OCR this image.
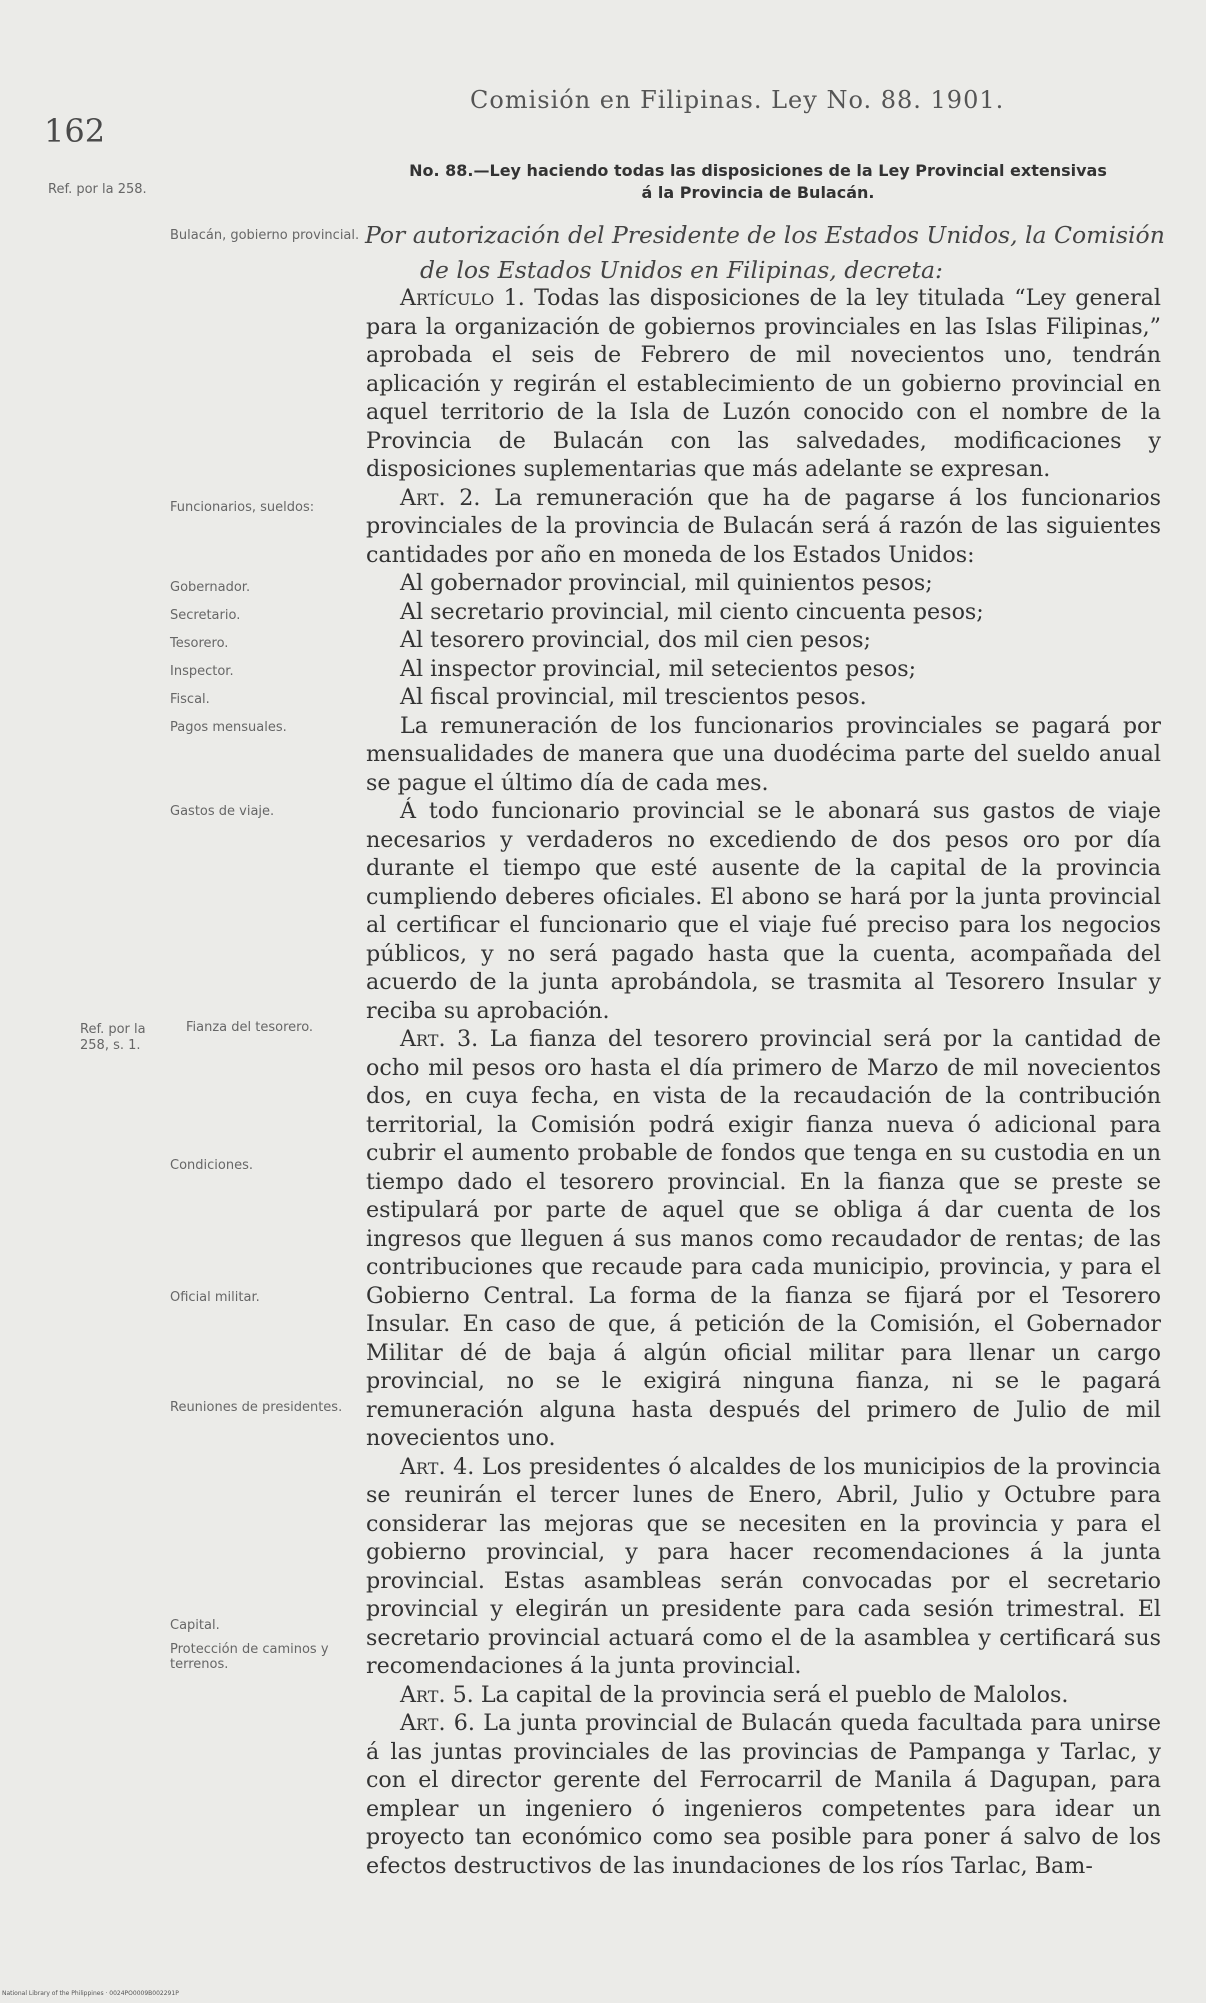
162
Comisión en Filipinas. Ley No. 88. 1901.
Ref. por la 258.
Ref. por la 258, s. 1.
No. 88.—Ley haciendo todas las disposiciones de la Ley Provincial extensivas
á la Provincia de Bulacán.
Por autorización del Presidente de los Estados Unidos, la Comisión
de los Estados Unidos en Filipinas, decreta:
Bulacán, gobierno provincial.
Funcionarios, sueldos:
Gobernador.
Secretario.
Tesorero.
Inspector.
Fiscal.
Pagos mensuales.
Gastos de viaje.
Fianza del tesorero.
Condiciones.
Oficial militar.
Reuniones de presidentes.
Capital.
Protección de caminos y terrenos.

Artículo 1. Todas las disposiciones de la ley titulada “Ley general para la organización de gobiernos provinciales en las Islas Filipinas,” aprobada el seis de Febrero de mil novecientos uno, tendrán aplicación y regirán el establecimiento de un gobierno provincial en aquel territorio de la Isla de Luzón conocido con el nombre de la Provincia de Bulacán con las salvedades, modificaciones y disposiciones suplementarias que más adelante se expresan.

Art. 2. La remuneración que ha de pagarse á los funcionarios provinciales de la provincia de Bulacán será á razón de las siguientes cantidades por año en moneda de los Estados Unidos:

Al gobernador provincial, mil quinientos pesos;

Al secretario provincial, mil ciento cincuenta pesos;

Al tesorero provincial, dos mil cien pesos;

Al inspector provincial, mil setecientos pesos;

Al fiscal provincial, mil trescientos pesos.

La remuneración de los funcionarios provinciales se pagará por mensualidades de manera que una duodécima parte del sueldo anual se pague el último día de cada mes.

Á todo funcionario provincial se le abonará sus gastos de viaje necesarios y verdaderos no excediendo de dos pesos oro por día durante el tiempo que esté ausente de la capital de la provincia cumpliendo deberes oficiales. El abono se hará por la junta provincial al certificar el funcionario que el viaje fué preciso para los negocios públicos, y no será pagado hasta que la cuenta, acompañada del acuerdo de la junta aprobándola, se trasmita al Tesorero Insular y reciba su aprobación.

Art. 3. La fianza del tesorero provincial será por la cantidad de ocho mil pesos oro hasta el día primero de Marzo de mil novecientos dos, en cuya fecha, en vista de la recaudación de la contribución territorial, la Comisión podrá exigir fianza nueva ó adicional para cubrir el aumento probable de fondos que tenga en su custodia en un tiempo dado el tesorero provincial. En la fianza que se preste se estipulará por parte de aquel que se obliga á dar cuenta de los ingresos que lleguen á sus manos como recaudador de rentas; de las contribuciones que recaude para cada municipio, provincia, y para el Gobierno Central. La forma de la fianza se fijará por el Tesorero Insular. En caso de que, á petición de la Comisión, el Gobernador Militar dé de baja á algún oficial militar para llenar un cargo provincial, no se le exigirá ninguna fianza, ni se le pagará remuneración alguna hasta después del primero de Julio de mil novecientos uno.

Art. 4. Los presidentes ó alcaldes de los municipios de la provincia se reunirán el tercer lunes de Enero, Abril, Julio y Octubre para considerar las mejoras que se necesiten en la provincia y para el gobierno provincial, y para hacer recomendaciones á la junta provincial. Estas asambleas serán convocadas por el secretario provincial y elegirán un presidente para cada sesión trimestral. El secretario provincial actuará como el de la asamblea y certificará sus recomendaciones á la junta provincial.

Art. 5. La capital de la provincia será el pueblo de Malolos.

Art. 6. La junta provincial de Bulacán queda facultada para unirse á las juntas provinciales de las provincias de Pampanga y Tarlac, y con el director gerente del Ferrocarril de Manila á Dagupan, para emplear un ingeniero ó ingenieros competentes para idear un proyecto tan económico como sea posible para poner á salvo de los efectos destructivos de las inundaciones de los ríos Tarlac, Bam-

National Library of the Philippines · 0024PO0009B002291P
